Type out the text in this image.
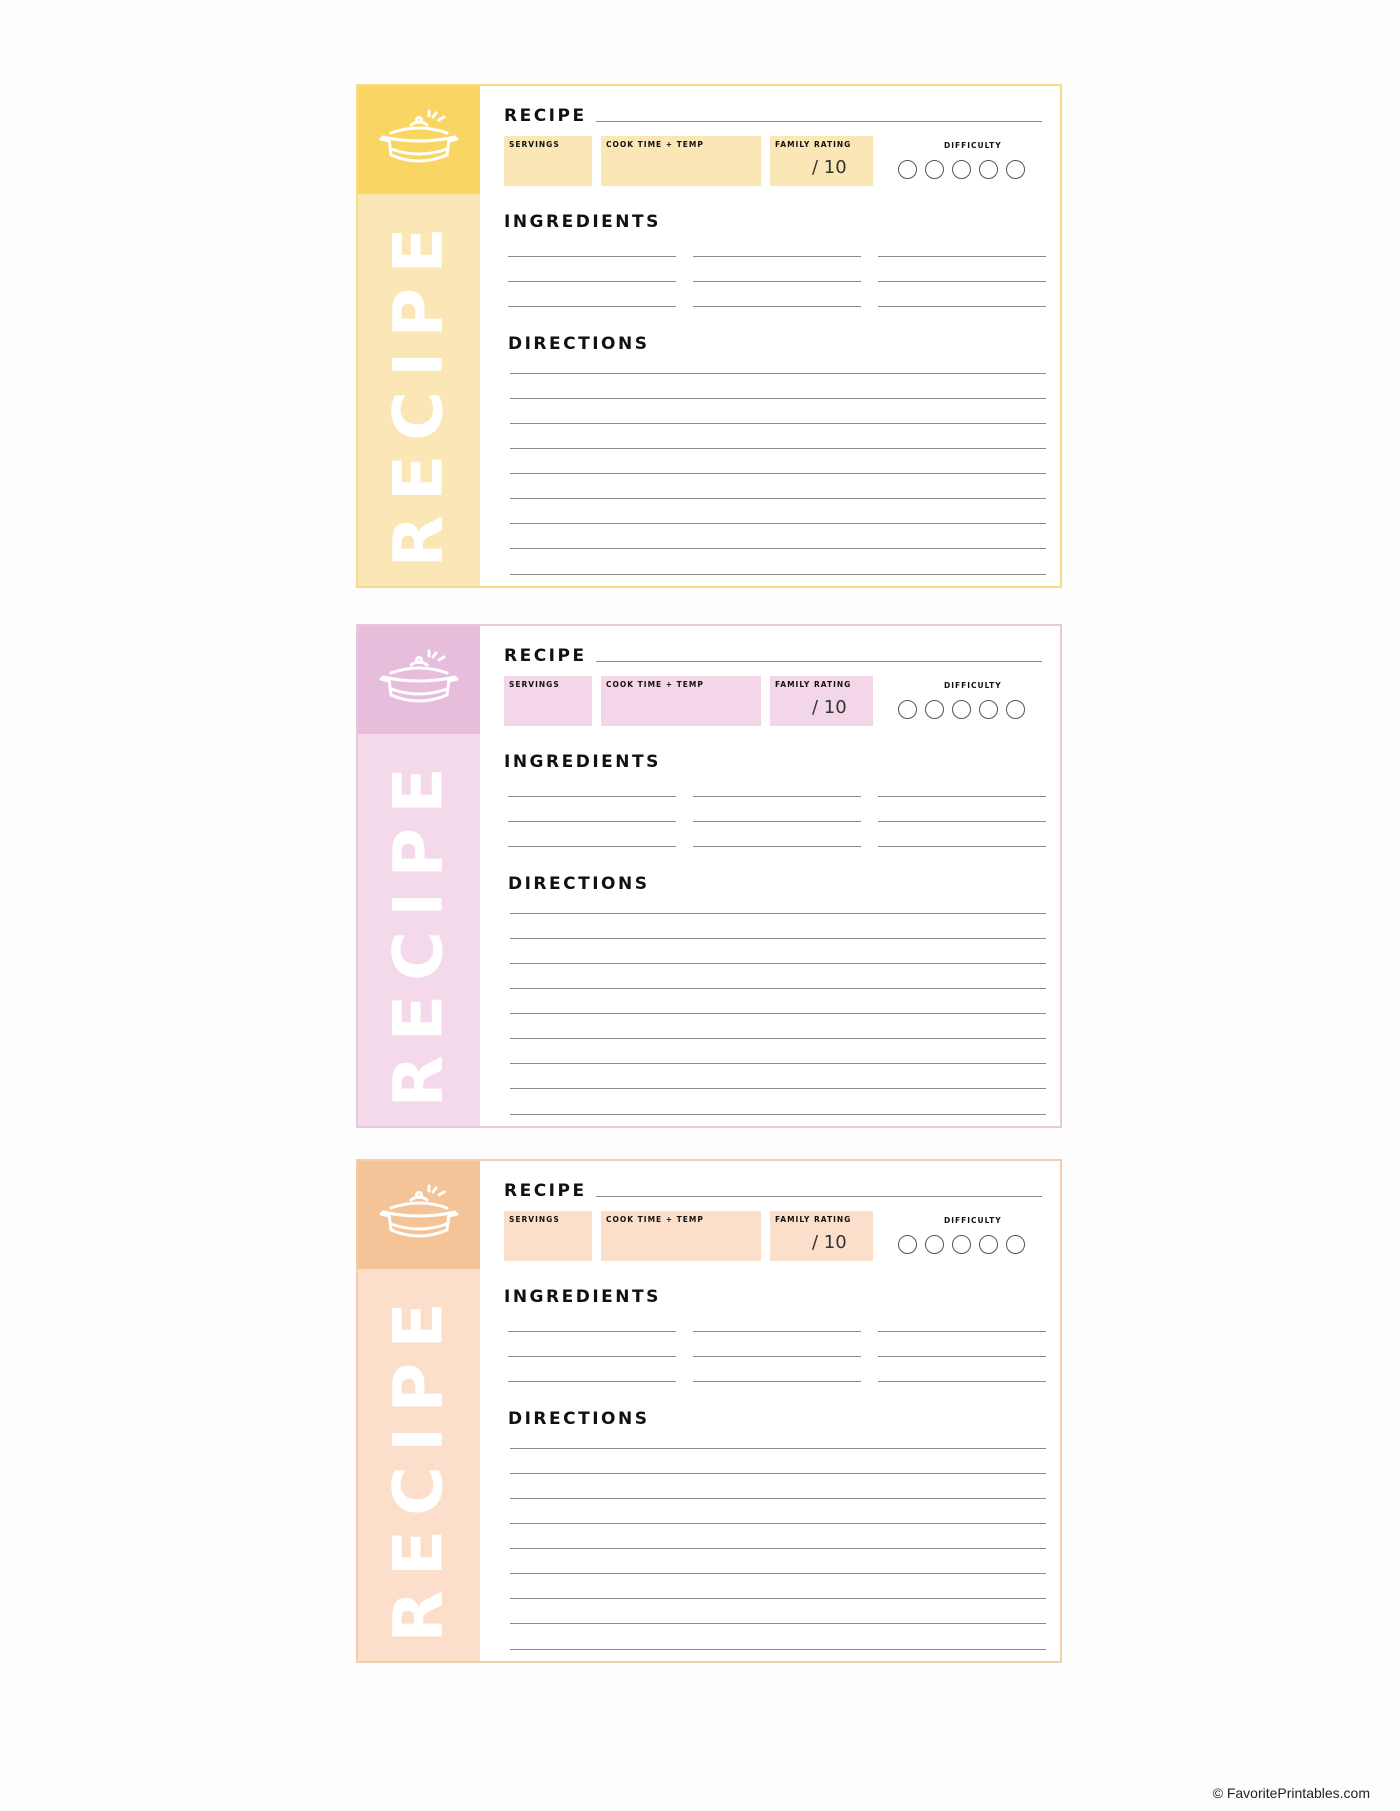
RECIPE
RECIPE
SERVINGS	COOK TIME + TEMP	FAMILY RATING
/ 10
DIFFICULTY
INGREDIENTS
DIRECTIONS
RECIPE
RECIPE
SERVINGS	COOK TIME + TEMP	FAMILY RATING
/ 10
DIFFICULTY
INGREDIENTS
DIRECTIONS
RECIPE
RECIPE
SERVINGS	COOK TIME + TEMP	FAMILY RATING
/ 10
DIFFICULTY
INGREDIENTS
DIRECTIONS
© FavoritePrintables.com
